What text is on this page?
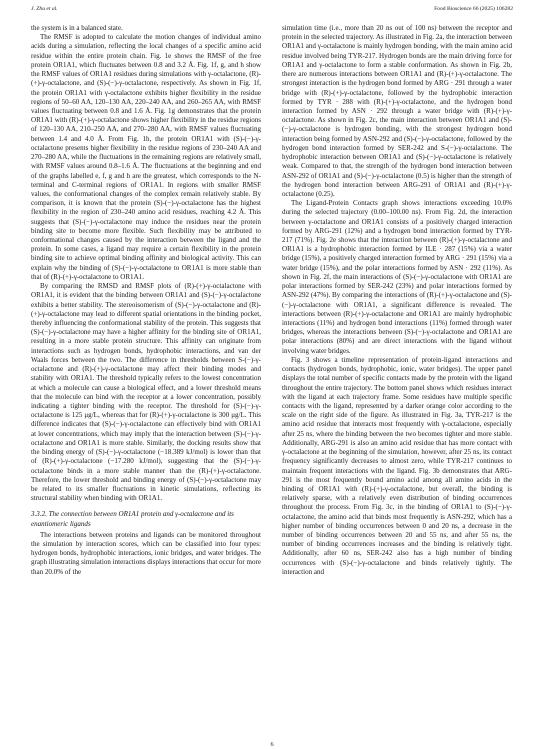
J. Zhu et al.	Food Bioscience 66 (2025) 106282

the system is in a balanced state.

The RMSF is adopted to calculate the motion changes of individual amino acids during a simulation, reflecting the local changes of a specific amino acid residue within the entire protein chain. Fig. 1e shows the RMSF of the free protein OR1A1, which fluctuates between 0.8 and 3.2 Å. Fig. 1f, g, and h show the RMSF values of OR1A1 residues during simulations with γ-octalactone, (R)-(+)-γ-octalactone, and (S)-(−)-γ-octalactone, respectively. As shown in Fig. 1f, the protein OR1A1 with γ-octalactone exhibits higher flexibility in the residue regions of 50–60 AA, 120–130 AA, 220–240 AA, and 260–265 AA, with RMSF values fluctuating between 0.8 and 1.6 Å. Fig. 1g demonstrates that the protein OR1A1 with (R)-(+)-γ-octalactone shows higher flexibility in the residue regions of 120–130 AA, 210–250 AA, and 270–280 AA, with RMSF values fluctuating between 1.4 and 4.0 Å. From Fig. 1h, the protein OR1A1 with (S)-(−)-γ-octalactone presents higher flexibility in the residue regions of 230–240 AA and 270–280 AA, while the fluctuations in the remaining regions are relatively small, with RMSF values around 0.8–1.6 Å. The fluctuations at the beginning and end of the graphs labelled e, f, g and h are the greatest, which corresponds to the N-terminal and C-terminal regions of OR1A1. In regions with smaller RMSF values, the conformational changes of the complex remain relatively stable. By comparison, it is known that the protein (S)-(−)-γ-octalactone has the highest flexibility in the region of 230–240 amino acid residues, reaching 4.2 Å. This suggests that (S)-(−)-γ-octalactone may induce the residues near the protein binding site to become more flexible. Such flexibility may be attributed to conformational changes caused by the interaction between the ligand and the protein. In some cases, a ligand may require a certain flexibility in the protein binding site to achieve optimal binding affinity and biological activity. This can explain why the binding of (S)-(−)-γ-octalactone to OR1A1 is more stable than that of (R)-(+)-γ-octalactone to OR1A1.

By comparing the RMSD and RMSF plots of (R)-(+)-γ-octalactone with OR1A1, it is evident that the binding between OR1A1 and (S)-(−)-γ-octalactone exhibits a better stability. The stereoisomerism of (S)-(−)-γ-octalactone and (R)-(+)-γ-octalactone may lead to different spatial orientations in the binding pocket, thereby influencing the conformational stability of the protein. This suggests that (S)-(−)-γ-octalactone may have a higher affinity for the binding site of OR1A1, resulting in a more stable protein structure. This affinity can originate from interactions such as hydrogen bonds, hydrophobic interactions, and van der Waals forces between the two. The difference in thresholds between S-(−)-γ-octalactone and (R)-(+)-γ-octalactone may affect their binding modes and stability with OR1A1. The threshold typically refers to the lowest concentration at which a molecule can cause a biological effect, and a lower threshold means that the molecule can bind with the receptor at a lower concentration, possibly indicating a tighter binding with the receptor. The threshold for (S)-(−)-γ-octalactone is 125 μg/L, whereas that for (R)-(+)-γ-octalactone is 300 μg/L. This difference indicates that (S)-(−)-γ-octalactone can effectively bind with OR1A1 at lower concentrations, which may imply that the interaction between (S)-(−)-γ-octalactone and OR1A1 is more stable. Similarly, the docking results show that the binding energy of (S)-(−)-γ-octalactone (−18.389 kJ/mol) is lower than that of (R)-(+)-γ-octalactone (−17.280 kJ/mol), suggesting that the (S)-(−)-γ-octalactone binds in a more stable manner than the (R)-(+)-γ-octalactone. Therefore, the lower threshold and binding energy of (S)-(−)-γ-octalactone may be related to its smaller fluctuations in kinetic simulations, reflecting its structural stability when binding with OR1A1.

3.3.2. The connection between OR1A1 protein and γ-octalactone and its enantiomeric ligands

The interactions between proteins and ligands can be monitored throughout the simulation by interaction scores, which can be classified into four types: hydrogen bonds, hydrophobic interactions, ionic bridges, and water bridges. The graph illustrating simulation interactions displays interactions that occur for more than 20.0% of the

simulation time (i.e., more than 20 ns out of 100 ns) between the receptor and protein in the selected trajectory. As illustrated in Fig. 2a, the interaction between OR1A1 and γ-octalactone is mainly hydrogen bonding, with the main amino acid residue involved being TYR-217. Hydrogen bonds are the main driving force for OR1A1 and γ-octalactone to form a stable conformation. As shown in Fig. 2b, there are numerous interactions between OR1A1 and (R)-(+)-γ-octalactone. The strongest interaction is the hydrogen bond formed by ARG · 291 through a water bridge with (R)-(+)-γ-octalactone, followed by the hydrophobic interaction formed by TYR · 288 with (R)-(+)-γ-octalactone, and the hydrogen bond interaction formed by ASN · 292 through a water bridge with (R)-(+)-γ-octalactone. As shown in Fig. 2c, the main interaction between OR1A1 and (S)-(−)-γ-octalactone is hydrogen bonding, with the strongest hydrogen bond interaction being formed by ASN-292 and (S)-(−)-γ-octalactone, followed by the hydrogen bond interaction formed by SER-242 and S-(−)-γ-octalactone. The hydrophobic interaction between OR1A1 and (S)-(−)-γ-octalactone is relatively weak. Compared to that, the strength of the hydrogen bond interaction between ASN-292 of OR1A1 and (S)-(−)-γ-octalactone (0.5) is higher than the strength of the hydrogen bond interaction between ARG-291 of OR1A1 and (R)-(+)-γ-octalactone (0.25).

The Ligand-Protein Contacts graph shows interactions exceeding 10.0% during the selected trajectory (0.00–100.00 ns). From Fig. 2d, the interaction between γ-octalactone and OR1A1 consists of a positively charged interaction formed by ARG-291 (12%) and a hydrogen bond interaction formed by TYR-217 (71%). Fig. 2e shows that the interaction between (R)-(+)-γ-octalactone and OR1A1 is a hydrophobic interaction formed by ILE · 287 (15%) via a water bridge (15%), a positively charged interaction formed by ARG · 291 (15%) via a water bridge (15%), and the polar interactions formed by ASN · 292 (11%). As shown in Fig. 2f, the main interactions of (S)-(−)-γ-octalactone with OR1A1 are polar interactions formed by SER-242 (23%) and polar interactions formed by ASN-292 (47%). By comparing the interactions of (R)-(+)-γ-octalactone and (S)-(−)-γ-octalactone with OR1A1, a significant difference is revealed. The interactions between (R)-(+)-γ-octalactone and OR1A1 are mainly hydrophobic interactions (11%) and hydrogen bond interactions (11%) formed through water bridges, whereas the interactions between (S)-(−)-γ-octalactone and OR1A1 are polar interactions (80%) and are direct interactions with the ligand without involving water bridges.

Fig. 3 shows a timeline representation of protein-ligand interactions and contacts (hydrogen bonds, hydrophobic, ionic, water bridges). The upper panel displays the total number of specific contacts made by the protein with the ligand throughout the entire trajectory. The bottom panel shows which residues interact with the ligand at each trajectory frame. Some residues have multiple specific contacts with the ligand, represented by a darker orange color according to the scale on the right side of the figure. As illustrated in Fig. 3a, TYR-217 is the amino acid residue that interacts most frequently with γ-octalactone, especially after 25 ns, where the binding between the two becomes tighter and more stable. Additionally, ARG-291 is also an amino acid residue that has more contact with γ-octalactone at the beginning of the simulation, however, after 25 ns, its contact frequency significantly decreases to almost zero, while TYR-217 continues to maintain frequent interactions with the ligand. Fig. 3b demonstrates that ARG-291 is the most frequently bound amino acid among all amino acids in the binding of OR1A1 with (R)-(+)-γ-octalactone, but overall, the binding is relatively sparse, with a relatively even distribution of binding occurrences throughout the process. From Fig. 3c, in the binding of OR1A1 to (S)-(−)-γ-octalactone, the amino acid that binds most frequently is ASN-292, which has a higher number of binding occurrences between 0 and 20 ns, a decrease in the number of binding occurrences between 20 and 55 ns, and after 55 ns, the number of binding occurrences increases and the binding is relatively tight. Additionally, after 60 ns, SER-242 also has a high number of binding occurrences with (S)-(−)-γ-octalactone and binds relatively tightly. The interaction and

6
